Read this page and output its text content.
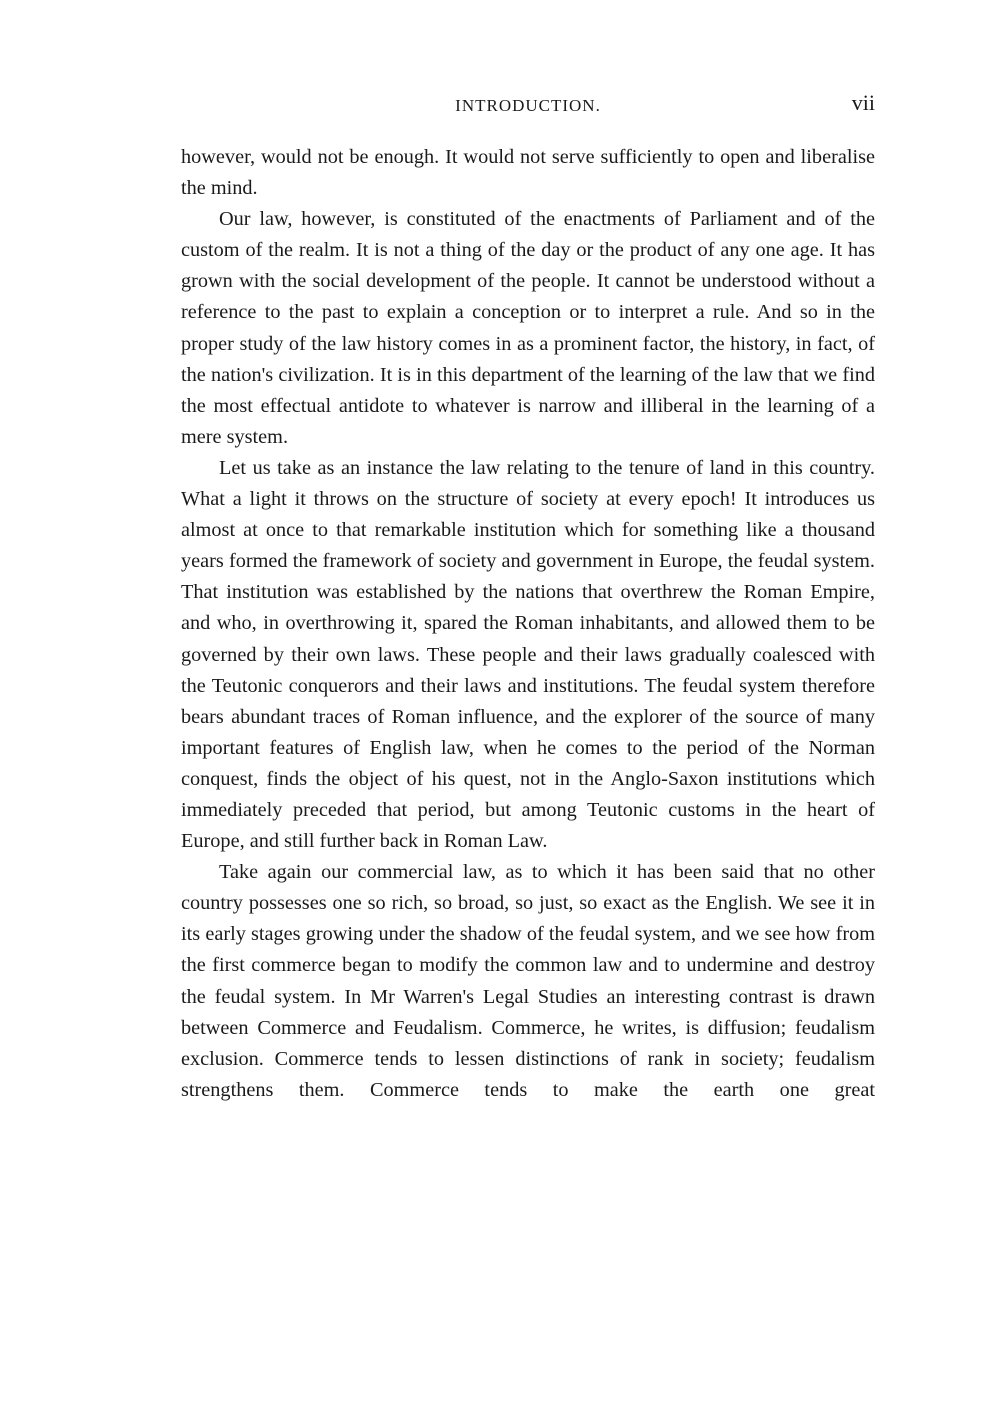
INTRODUCTION.	vii

however, would not be enough. It would not serve sufficiently to open and liberalise the mind.

Our law, however, is constituted of the enactments of Parliament and of the custom of the realm. It is not a thing of the day or the product of any one age. It has grown with the social development of the people. It cannot be understood without a reference to the past to explain a conception or to interpret a rule. And so in the proper study of the law history comes in as a prominent factor, the history, in fact, of the nation's civilization. It is in this department of the learning of the law that we find the most effectual antidote to whatever is narrow and illiberal in the learning of a mere system.

Let us take as an instance the law relating to the tenure of land in this country. What a light it throws on the structure of society at every epoch! It introduces us almost at once to that remarkable institution which for something like a thousand years formed the framework of society and government in Europe, the feudal system. That institution was established by the nations that overthrew the Roman Empire, and who, in overthrowing it, spared the Roman inhabitants, and allowed them to be governed by their own laws. These people and their laws gradually coalesced with the Teutonic conquerors and their laws and institutions. The feudal system therefore bears abundant traces of Roman influence, and the explorer of the source of many important features of English law, when he comes to the period of the Norman conquest, finds the object of his quest, not in the Anglo-Saxon institutions which immediately preceded that period, but among Teutonic customs in the heart of Europe, and still further back in Roman Law.

Take again our commercial law, as to which it has been said that no other country possesses one so rich, so broad, so just, so exact as the English. We see it in its early stages growing under the shadow of the feudal system, and we see how from the first commerce began to modify the common law and to undermine and destroy the feudal system. In Mr Warren's Legal Studies an interesting contrast is drawn between Commerce and Feudalism. Commerce, he writes, is diffusion; feudalism exclusion. Commerce tends to lessen distinctions of rank in society; feudalism strengthens them. Commerce tends to make the earth one great
